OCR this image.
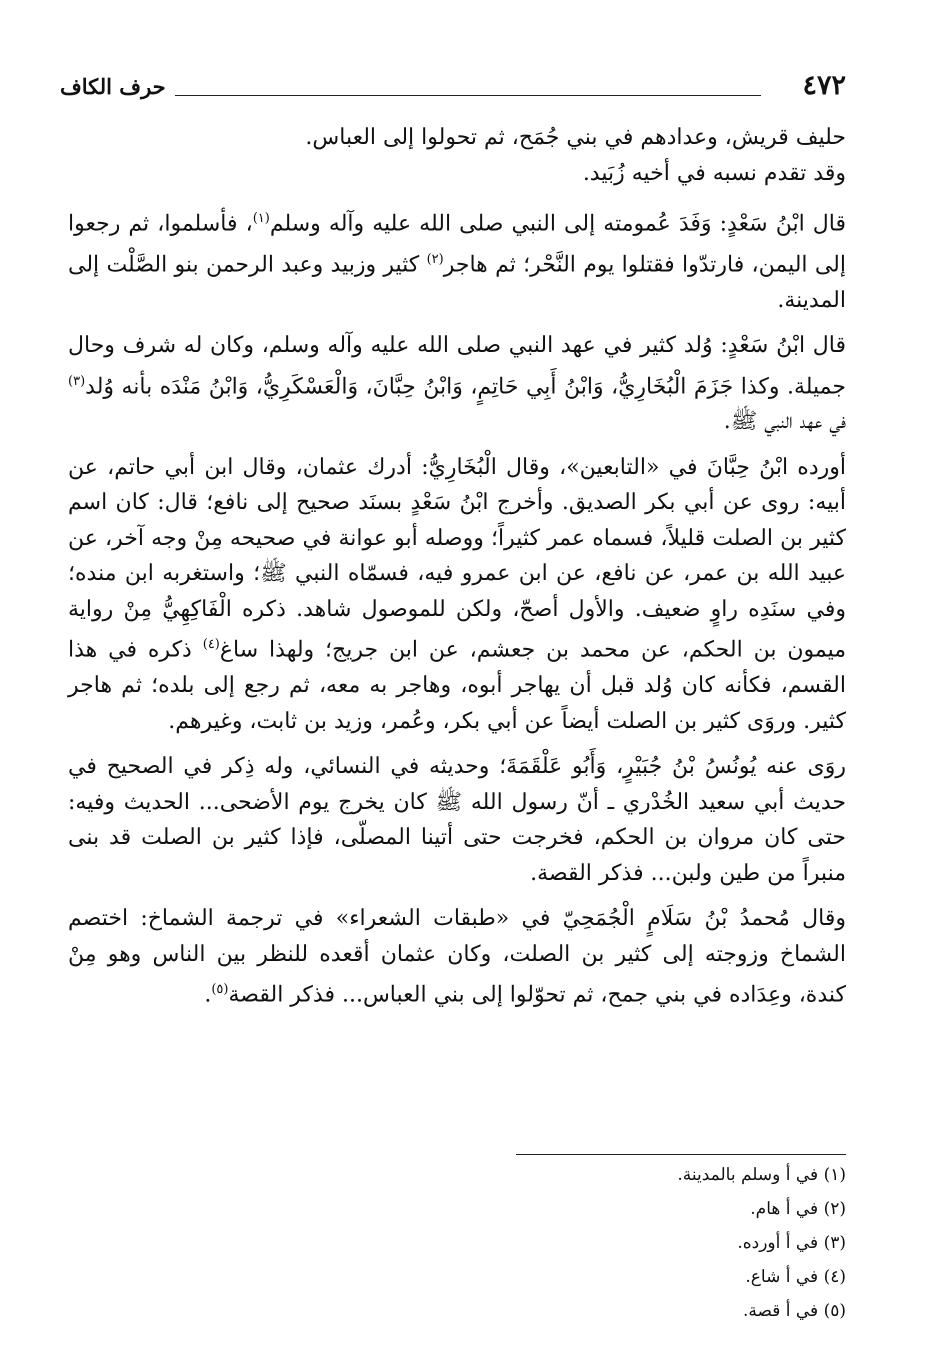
٤٧٢
حرف الكاف

حليف قريش، وعدادهم في بني جُمَح، ثم تحولوا إلى العباس.

وقد تقدم نسبه في أخيه زُبَيد.

قال ابْنُ سَعْدٍ: وَفَدَ عُمومته إلى النبي صلى الله عليه وآله وسلم$^{(١)}$، فأسلموا، ثم رجعوا إلى اليمن، فارتدّوا فقتلوا يوم النَّحْر؛ ثم هاجر$^{(٢)}$ كثير وزبيد وعبد الرحمن بنو الصَّلْت إلى المدينة.

قال ابْنُ سَعْدٍ: وُلد كثير في عهد النبي صلى الله عليه وآله وسلم، وكان له شرف وحال جميلة. وكذا جَزَمَ الْبُخَارِيُّ، وَابْنُ أَبِي حَاتِمٍ، وَابْنُ حِبَّانَ، وَالْعَسْكَرِيُّ، وَابْنُ مَنْدَه بأنه وُلد$^{(٣)}$ في عهد النبي ﷺ.

أورده ابْنُ حِبَّانَ في «التابعين»، وقال الْبُخَارِيُّ: أدرك عثمان، وقال ابن أبي حاتم، عن أبيه: روى عن أبي بكر الصديق. وأخرج ابْنُ سَعْدٍ بسنَد صحيح إلى نافع؛ قال: كان اسم كثير بن الصلت قليلاً، فسماه عمر كثيراً؛ ووصله أبو عوانة في صحيحه مِنْ وجه آخر، عن عبيد الله بن عمر، عن نافع، عن ابن عمرو فيه، فسمّاه النبي ﷺ؛ واستغربه ابن منده؛ وفي سنَدِه راوٍ ضعيف. والأول أصحّ، ولكن للموصول شاهد. ذكره الْفَاكِهِيُّ مِنْ رواية ميمون بن الحكم، عن محمد بن جعشم، عن ابن جريج؛ ولهذا ساغ$^{(٤)}$ ذكره في هذا القسم، فكأنه كان وُلد قبل أن يهاجر أبوه، وهاجر به معه، ثم رجع إلى بلده؛ ثم هاجر كثير. وروَى كثير بن الصلت أيضاً عن أبي بكر، وعُمر، وزيد بن ثابت، وغيرهم.

روَى عنه يُونُسُ بْنُ جُبَيْرٍ، وَأَبُو عَلْقَمَةَ؛ وحديثه في النسائي، وله ذِكر في الصحيح في حديث أبي سعيد الخُدْري ـ أنّ رسول الله ﷺ كان يخرج يوم الأضحى... الحديث وفيه: حتى كان مروان بن الحكم، فخرجت حتى أتينا المصلّى، فإذا كثير بن الصلت قد بنى منبراً من طين ولبن... فذكر القصة.

وقال مُحمدُ بْنُ سَلَامٍ الْجُمَحِيّ في «طبقات الشعراء» في ترجمة الشماخ: اختصم الشماخ وزوجته إلى كثير بن الصلت، وكان عثمان أقعده للنظر بين الناس وهو مِنْ كندة، وعِدَاده في بني جمح، ثم تحوّلوا إلى بني العباس... فذكر القصة$^{(٥)}$.

(١) في أ وسلم بالمدينة.
(٢) في أ هام.
(٣) في أ أورده.
(٤) في أ شاع.
(٥) في أ قصة.
